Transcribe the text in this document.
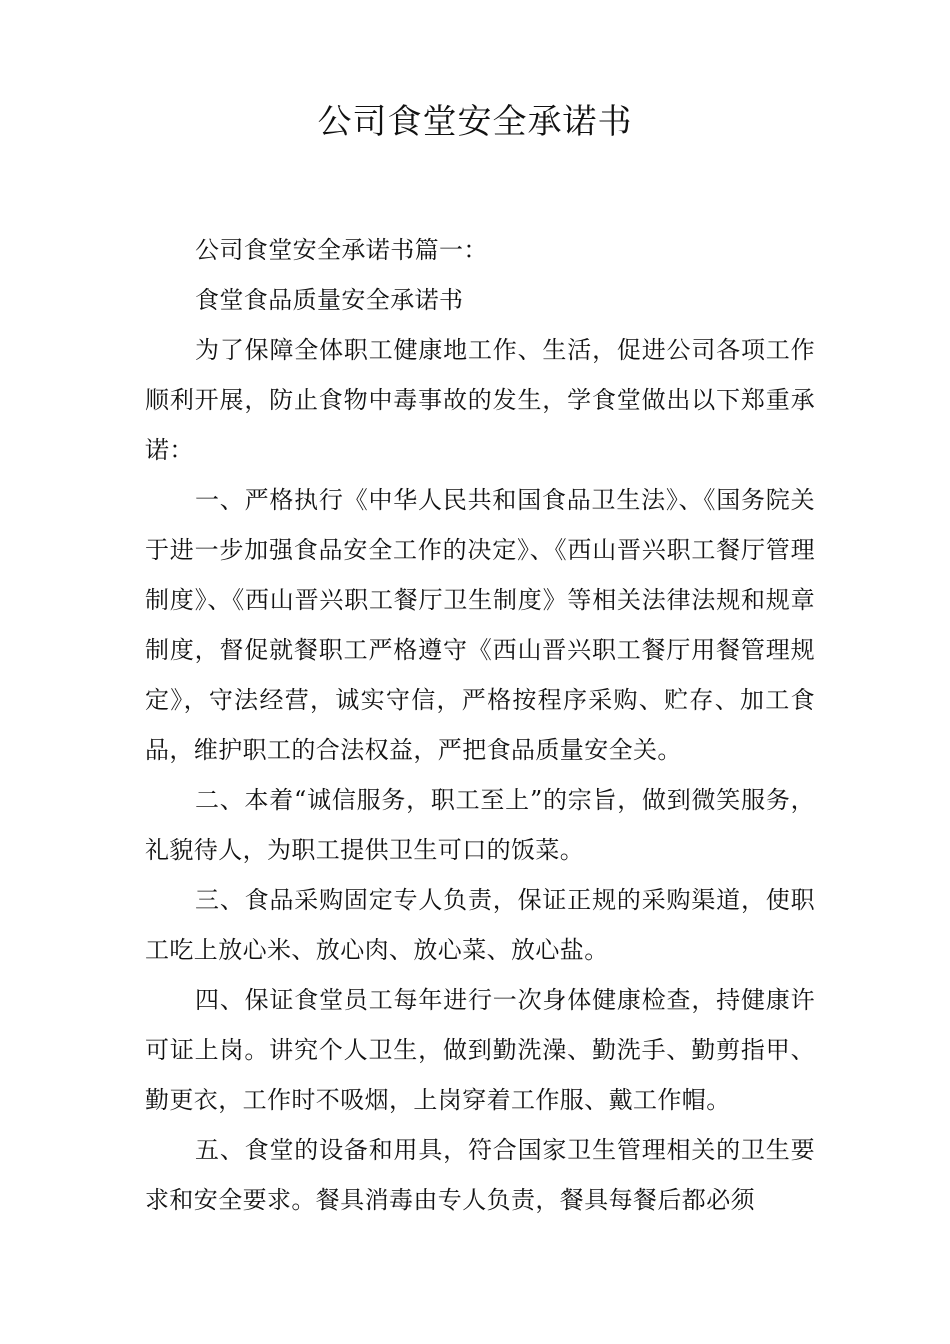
公司食堂安全承诺书

公司食堂安全承诺书篇一：

食堂食品质量安全承诺书

为了保障全体职工健康地工作、生活，促进公司各项工作顺利开展，防止食物中毒事故的发生，学食堂做出以下郑重承诺：

一、严格执行《中华人民共和国食品卫生法》、《国务院关于进一步加强食品安全工作的决定》、《西山晋兴职工餐厅管理制度》、《西山晋兴职工餐厅卫生制度》等相关法律法规和规章制度，督促就餐职工严格遵守《西山晋兴职工餐厅用餐管理规定》，守法经营，诚实守信，严格按程序采购、贮存、加工食品，维护职工的合法权益，严把食品质量安全关。

二、本着“诚信服务，职工至上”的宗旨，做到微笑服务，礼貌待人，为职工提供卫生可口的饭菜。

三、食品采购固定专人负责，保证正规的采购渠道，使职工吃上放心米、放心肉、放心菜、放心盐。

四、保证食堂员工每年进行一次身体健康检查，持健康许可证上岗。讲究个人卫生，做到勤洗澡、勤洗手、勤剪指甲、勤更衣，工作时不吸烟，上岗穿着工作服、戴工作帽。

五、食堂的设备和用具，符合国家卫生管理相关的卫生要求和安全要求。餐具消毒由专人负责，餐具每餐后都必须
